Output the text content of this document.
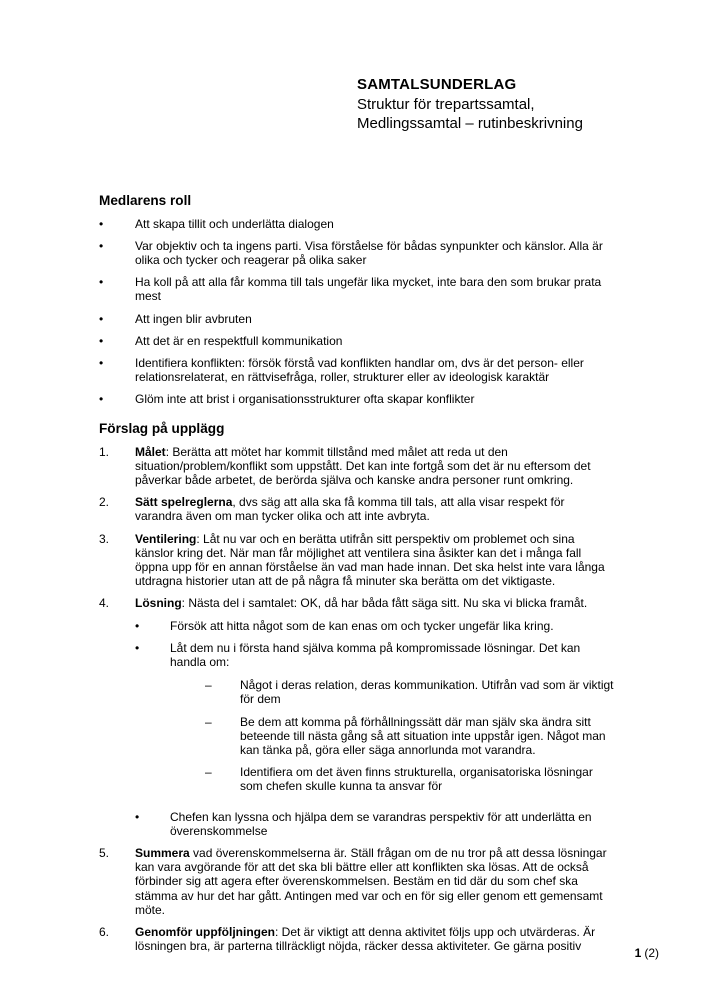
SAMTALSUNDERLAG
Struktur för trepartssamtal,
Medlingssamtal – rutinbeskrivning
Medlarens roll
•	Att skapa tillit och underlätta dialogen
•	Var objektiv och ta ingens parti. Visa förståelse för bådas synpunkter och känslor. Alla är olika och tycker och reagerar på olika saker
•	Ha koll på att alla får komma till tals ungefär lika mycket, inte bara den som brukar prata mest
•	Att ingen blir avbruten
•	Att det är en respektfull kommunikation
•	Identifiera konflikten: försök förstå vad konflikten handlar om, dvs är det person- eller relationsrelaterat, en rättvisefråga, roller, strukturer eller av ideologisk karaktär
•	Glöm inte att brist i organisationsstrukturer ofta skapar konflikter
Förslag på upplägg
1.	Målet: Berätta att mötet har kommit tillstånd med målet att reda ut den situation/problem/konflikt som uppstått. Det kan inte fortgå som det är nu eftersom det påverkar både arbetet, de berörda själva och kanske andra personer runt omkring.
2.	Sätt spelreglerna, dvs säg att alla ska få komma till tals, att alla visar respekt för varandra även om man tycker olika och att inte avbryta.
3.	Ventilering: Låt nu var och en berätta utifrån sitt perspektiv om problemet och sina känslor kring det. När man får möjlighet att ventilera sina åsikter kan det i många fall öppna upp för en annan förståelse än vad man hade innan. Det ska helst inte vara långa utdragna historier utan att de på några få minuter ska berätta om det viktigaste.
4.	Lösning: Nästa del i samtalet: OK, då har båda fått säga sitt. Nu ska vi blicka framåt.
•	Försök att hitta något som de kan enas om och tycker ungefär lika kring.
•	Låt dem nu i första hand själva komma på kompromissade lösningar. Det kan handla om:
–	Något i deras relation, deras kommunikation. Utifrån vad som är viktigt för dem
–	Be dem att komma på förhållningssätt där man själv ska ändra sitt beteende till nästa gång så att situation inte uppstår igen. Något man kan tänka på, göra eller säga annorlunda mot varandra.
–	Identifiera om det även finns strukturella, organisatoriska lösningar som chefen skulle kunna ta ansvar för
•	Chefen kan lyssna och hjälpa dem se varandras perspektiv för att underlätta en överenskommelse
5.	Summera vad överenskommelserna är. Ställ frågan om de nu tror på att dessa lösningar kan vara avgörande för att det ska bli bättre eller att konflikten ska lösas. Att de också förbinder sig att agera efter överenskommelsen. Bestäm en tid där du som chef ska stämma av hur det har gått. Antingen med var och en för sig eller genom ett gemensamt möte.
6.	Genomför uppföljningen: Det är viktigt att denna aktivitet följs upp och utvärderas. Är lösningen bra, är parterna tillräckligt nöjda, räcker dessa aktiviteter. Ge gärna positiv	1 (2)
